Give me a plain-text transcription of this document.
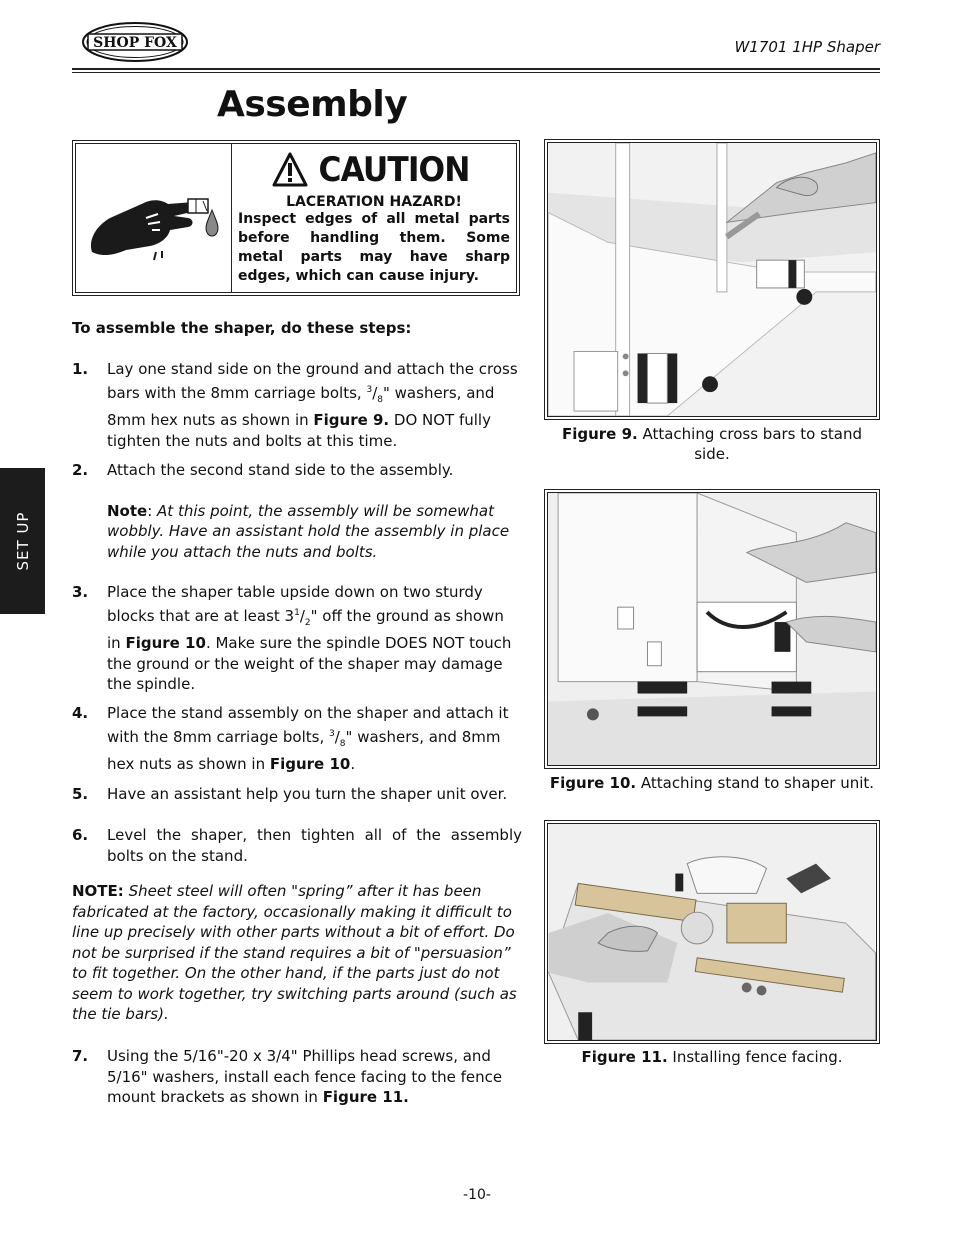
SHOP FOX	W1701 1HP Shaper
Assembly
CAUTION
LACERATION HAZARD!
Inspect edges of all metal parts before handling them. Some metal parts may have sharp edges, which can cause injury.
To assemble the shaper, do these steps:
1. Lay one stand side on the ground and attach the cross bars with the 8mm carriage bolts, $^3/_8$" washers, and 8mm hex nuts as shown in Figure 9. DO NOT fully tighten the nuts and bolts at this time.
2. Attach the second stand side to the assembly.
Note: At this point, the assembly will be somewhat wobbly. Have an assistant hold the assembly in place while you attach the nuts and bolts.
3. Place the shaper table upside down on two sturdy blocks that are at least $3^1/_2$" off the ground as shown in Figure 10. Make sure the spindle DOES NOT touch the ground or the weight of the shaper may damage the spindle.
4. Place the stand assembly on the shaper and attach it with the 8mm carriage bolts, $^3/_8$" washers, and 8mm hex nuts as shown in Figure 10.
5. Have an assistant help you turn the shaper unit over.
6. Level the shaper, then tighten all of the assembly bolts on the stand.
NOTE: Sheet steel will often "spring” after it has been fabricated at the factory, occasionally making it difficult to line up precisely with other parts without a bit of effort. Do not be surprised if the stand requires a bit of "persuasion” to fit together. On the other hand, if the parts just do not seem to work together, try switching parts around (such as the tie bars).
7. Using the 5/16"-20 x 3/4" Phillips head screws, and 5/16" washers, install each fence facing to the fence mount brackets as shown in Figure 11.
Figure 9. Attaching cross bars to stand side.
Figure 10. Attaching stand to shaper unit.
Figure 11. Installing fence facing.
SET UP
-10-
